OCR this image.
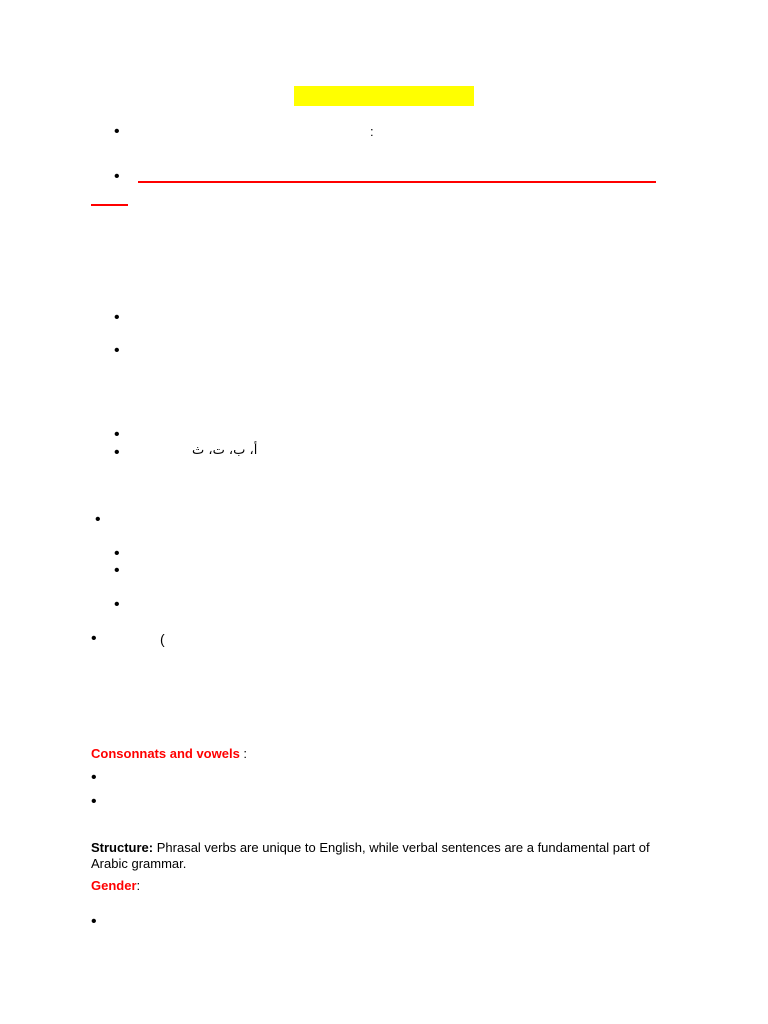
•	:
•
•
•
•
•	أ، ب، ت، ث
•
•
•
•
•	(
Consonnats and vowels :
•
•
Structure: Phrasal verbs are unique to English, while verbal sentences are a fundamental part of Arabic grammar.
Gender:
•
